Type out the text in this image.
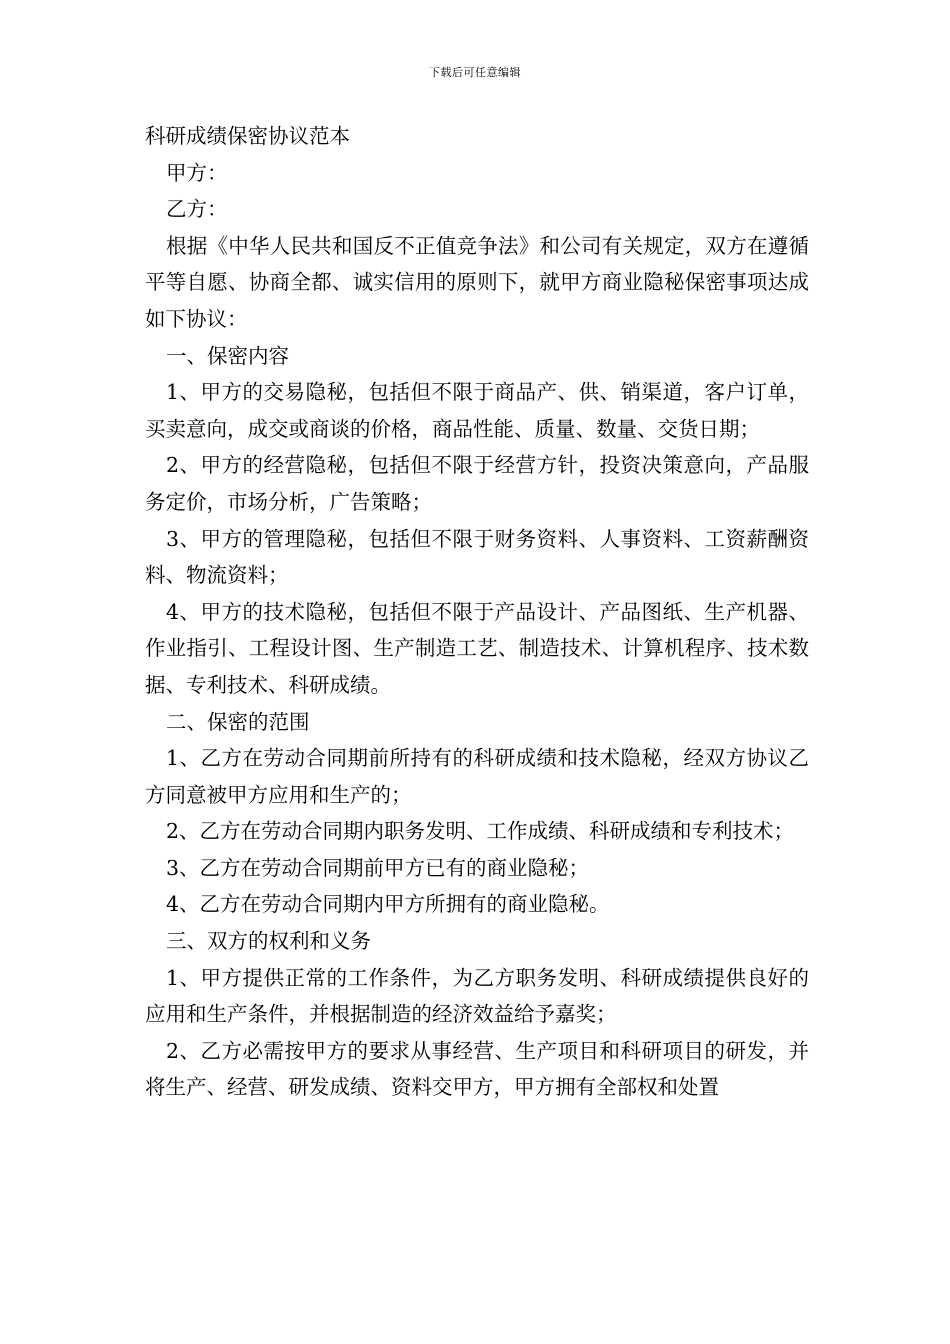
下载后可任意编辑

科研成绩保密协议范本

甲方：

乙方：

根据《中华人民共和国反不正值竞争法》和公司有关规定，双方在遵循平等自愿、协商全都、诚实信用的原则下，就甲方商业隐秘保密事项达成如下协议：

一、保密内容

1、甲方的交易隐秘，包括但不限于商品产、供、销渠道，客户订单，买卖意向，成交或商谈的价格，商品性能、质量、数量、交货日期；

2、甲方的经营隐秘，包括但不限于经营方针，投资决策意向，产品服务定价，市场分析，广告策略；

3、甲方的管理隐秘，包括但不限于财务资料、人事资料、工资薪酬资料、物流资料；

4、甲方的技术隐秘，包括但不限于产品设计、产品图纸、生产机器、作业指引、工程设计图、生产制造工艺、制造技术、计算机程序、技术数据、专利技术、科研成绩。

二、保密的范围

1、乙方在劳动合同期前所持有的科研成绩和技术隐秘，经双方协议乙方同意被甲方应用和生产的；

2、乙方在劳动合同期内职务发明、工作成绩、科研成绩和专利技术；

3、乙方在劳动合同期前甲方已有的商业隐秘；

4、乙方在劳动合同期内甲方所拥有的商业隐秘。

三、双方的权利和义务

1、甲方提供正常的工作条件，为乙方职务发明、科研成绩提供良好的应用和生产条件，并根据制造的经济效益给予嘉奖；

2、乙方必需按甲方的要求从事经营、生产项目和科研项目的研发，并将生产、经营、研发成绩、资料交甲方，甲方拥有全部权和处置
